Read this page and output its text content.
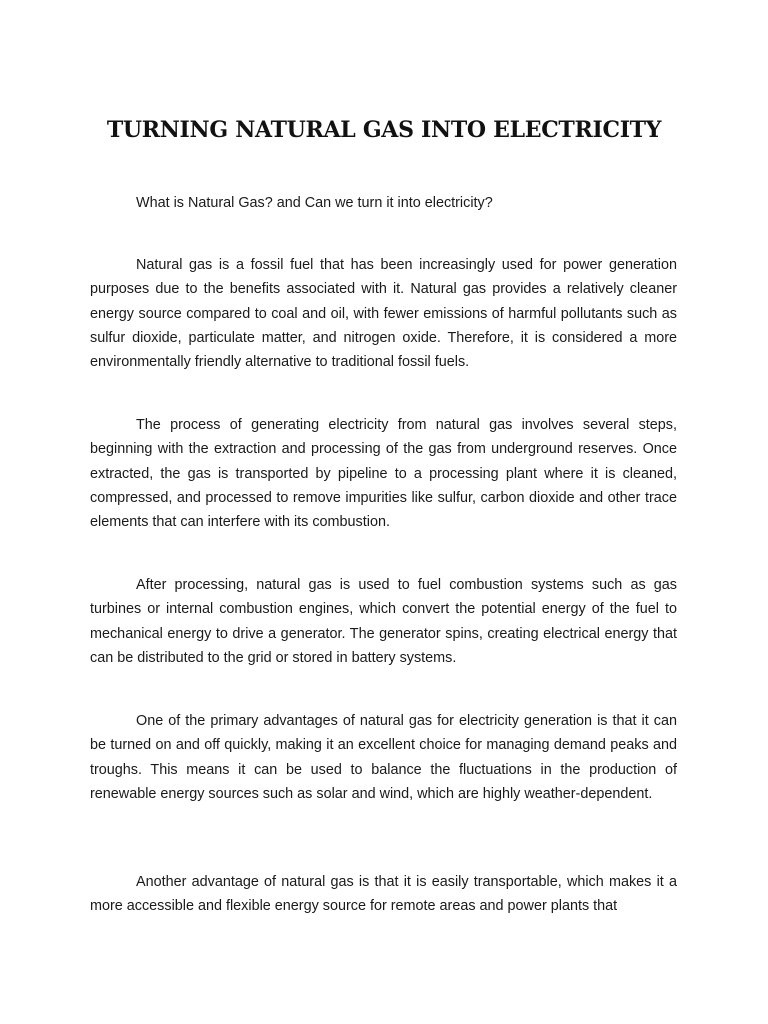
TURNING NATURAL GAS INTO ELECTRICITY

What is Natural Gas? and Can we turn it into electricity?

Natural gas is a fossil fuel that has been increasingly used for power generation purposes due to the benefits associated with it. Natural gas provides a relatively cleaner energy source compared to coal and oil, with fewer emissions of harmful pollutants such as sulfur dioxide, particulate matter, and nitrogen oxide. Therefore, it is considered a more environmentally friendly alternative to traditional fossil fuels.

The process of generating electricity from natural gas involves several steps, beginning with the extraction and processing of the gas from underground reserves. Once extracted, the gas is transported by pipeline to a processing plant where it is cleaned, compressed, and processed to remove impurities like sulfur, carbon dioxide and other trace elements that can interfere with its combustion.

After processing, natural gas is used to fuel combustion systems such as gas turbines or internal combustion engines, which convert the potential energy of the fuel to mechanical energy to drive a generator. The generator spins, creating electrical energy that can be distributed to the grid or stored in battery systems.

One of the primary advantages of natural gas for electricity generation is that it can be turned on and off quickly, making it an excellent choice for managing demand peaks and troughs. This means it can be used to balance the fluctuations in the production of renewable energy sources such as solar and wind, which are highly weather-dependent.

Another advantage of natural gas is that it is easily transportable, which makes it a more accessible and flexible energy source for remote areas and power plants that
